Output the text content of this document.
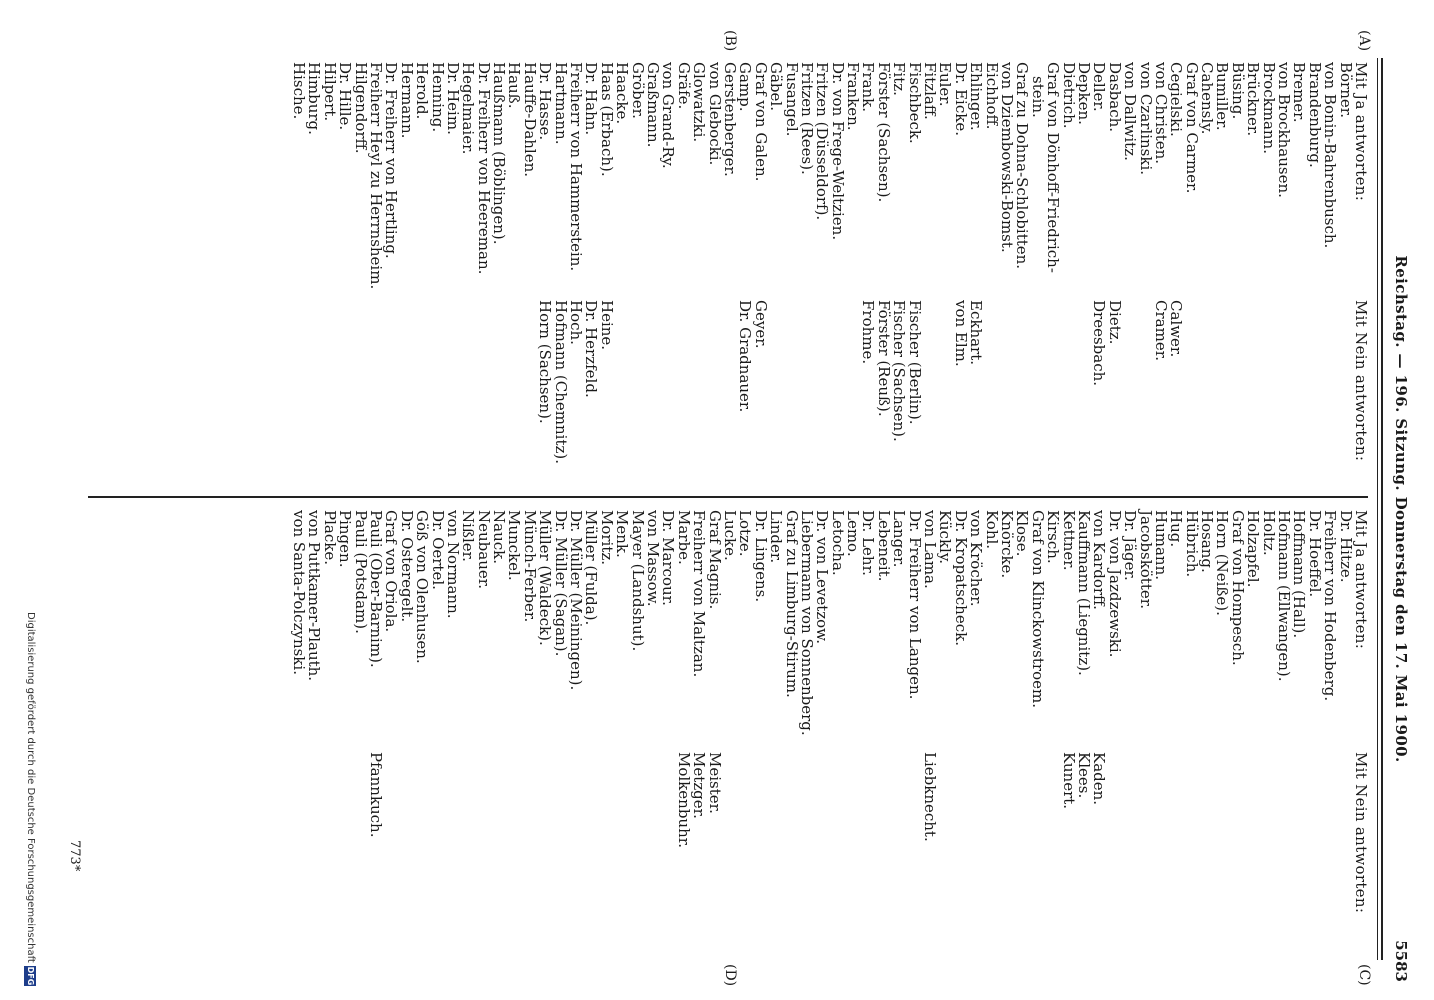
Reichstag. — 196. Sitzung. Donnerstag den 17. Mai 1900.
5583
(A)
(C)
(B)
(D)
Mit Ja antworten:
Börner.
von Bonin-Bahrenbusch.
Brandenburg.
Bremer.
von Brockhausen.
Brockmann.
Brückner.
Büsing.
Bumiller.
Cahensly.
Graf von Carmer.
Cegielski.
von Christen.
von Czarlinski.
von Dallwitz.
Dasbach.
Deller.
Depken.
Dietrich.
Graf von Dönhoff-Friedrich-
stein.
Graf zu Dohna-Schlobitten.
von Dziembowski-Bomst.
Eichhoff.
Ehlinger.
Dr. Eicke.
Euler.
Fitzlaff.
Fischbeck.
Fitz.
Förster (Sachsen).
Frank.
Franken.
Dr. von Frege-Weltzien.
Fritzen (Düsseldorf).
Fritzen (Rees).
Fusangel.
Gäbel.
Graf von Galen.
Gamp.
Gerstenberger.
von Glebocki.
Glowatzki.
Gräfe.
von Grand-Ry.
Graßmann.
Gröber.
Haacke.
Haas (Erbach).
Dr. Hahn.
Freiherr von Hammerstein.
Hartmann.
Dr. Hasse.
Hauffe-Dahlen.
Hauß.
Haußmann (Böblingen).
Dr. Freiherr von Heereman.
Hegelmaier.
Dr. Heim.
Henning.
Herold.
Hermann.
Dr. Freiherr von Hertling.
Freiherr Heyl zu Herrnsheim.
Hilgendorff.
Dr. Hille.
Hilpert.
Himburg.
Hische.
Mit Nein antworten:
Calwer.
Cramer.
Dietz.
Dreesbach.
Eckhart.
von Elm.
Fischer (Berlin).
Fischer (Sachsen).
Förster (Reuß).
Frohme.
Geyer.
Dr. Gradnauer.
Heine.
Dr. Herzfeld.
Hoch.
Hofmann (Chemnitz).
Horn (Sachsen).
Mit Ja antworten:
Dr. Hitze.
Freiherr von Hodenberg.
Dr. Hoeffel.
Hoffmann (Hall).
Hofmann (Ellwangen).
Holtz.
Holzapfel.
Graf von Hompesch.
Horn (Neiße).
Hosang.
Hübrich.
Hug.
Humann.
Jacobskötter.
Dr. Jäger.
Dr. von Jazdzewski.
von Kardorff.
Kauffmann (Liegnitz).
Kettner.
Kirsch.
Graf von Klinckowstroem.
Klose.
Knörcke.
Kohl.
von Kröcher.
Dr. Kropatscheck.
Kückly.
von Lama.
Dr. Freiherr von Langen.
Langer.
Lebeneit.
Dr. Lehr.
Lemo.
Letocha.
Dr. von Levetzow.
Liebermann von Sonnenberg.
Graf zu Limburg-Stirum.
Linder.
Dr. Lingens.
Lotze.
Lucke.
Graf Magnis.
Freiherr von Maltzan.
Marbe.
Dr. Marcour.
von Massow.
Mayer (Landshut).
Menk.
Moritz.
Müller (Fulda).
Dr. Müller (Meiningen).
Dr. Müller (Sagan).
Müller (Waldeck).
Münch-Ferber.
Munckel.
Nauck.
Neubauer.
Nißler.
von Normann.
Dr. Oertel.
Göß von Olenhusen.
Dr. Osteregelt.
Graf von Oriola.
Pauli (Ober-Barnim).
Pauli (Potsdam).
Pingen.
Placke.
von Puttkamer-Plauth.
von Santa-Polczynski.
Mit Nein antworten:
Kaden.
Klees.
Kunert.
Liebknecht.
Meister.
Metzger.
Molkenbuhr.
Pfannkuch.
773*
Digitalisierung gefördert durch die Deutsche Forschungsgemeinschaft
DFG
